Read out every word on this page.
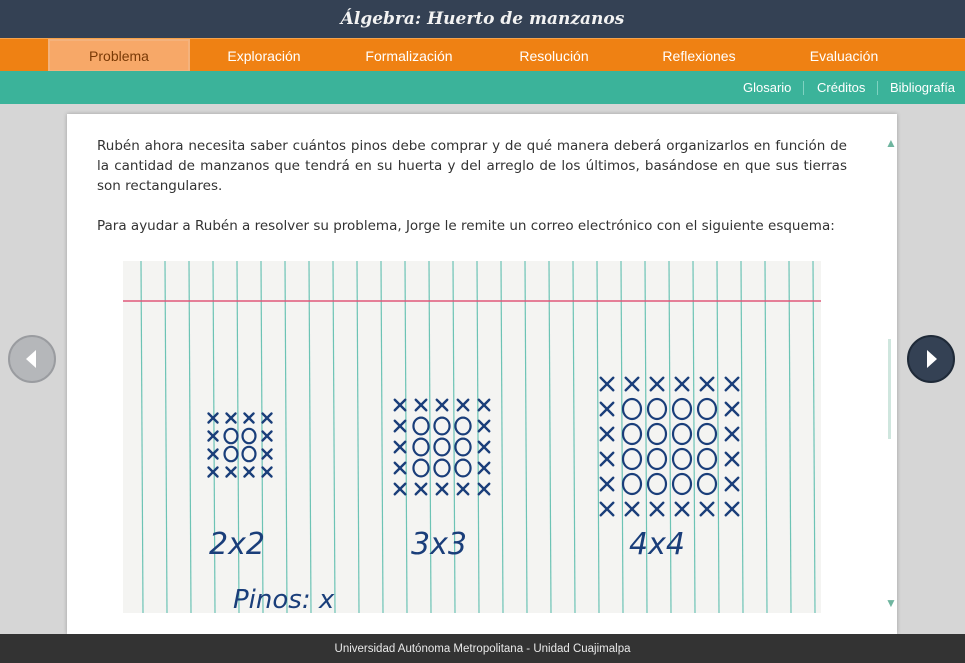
Álgebra: Huerto de manzanos
Problema	Exploración	Formalización	Resolución	Reflexiones	Evaluación
Glosario Créditos Bibliografía

Rubén ahora necesita saber cuántos pinos debe comprar y de qué manera deberá organizarlos en función de la cantidad de manzanos que tendrá en su huerta y del arreglo de los últimos, basándose en que sus tierras son rectangulares.

Para ayudar a Rubén a resolver su problema, Jorge le remite un correo electrónico con el siguiente esquema:

2x2	3x3	4x4
Pinos: x
▲
▼
Universidad Autónoma Metropolitana - Unidad Cuajimalpa
